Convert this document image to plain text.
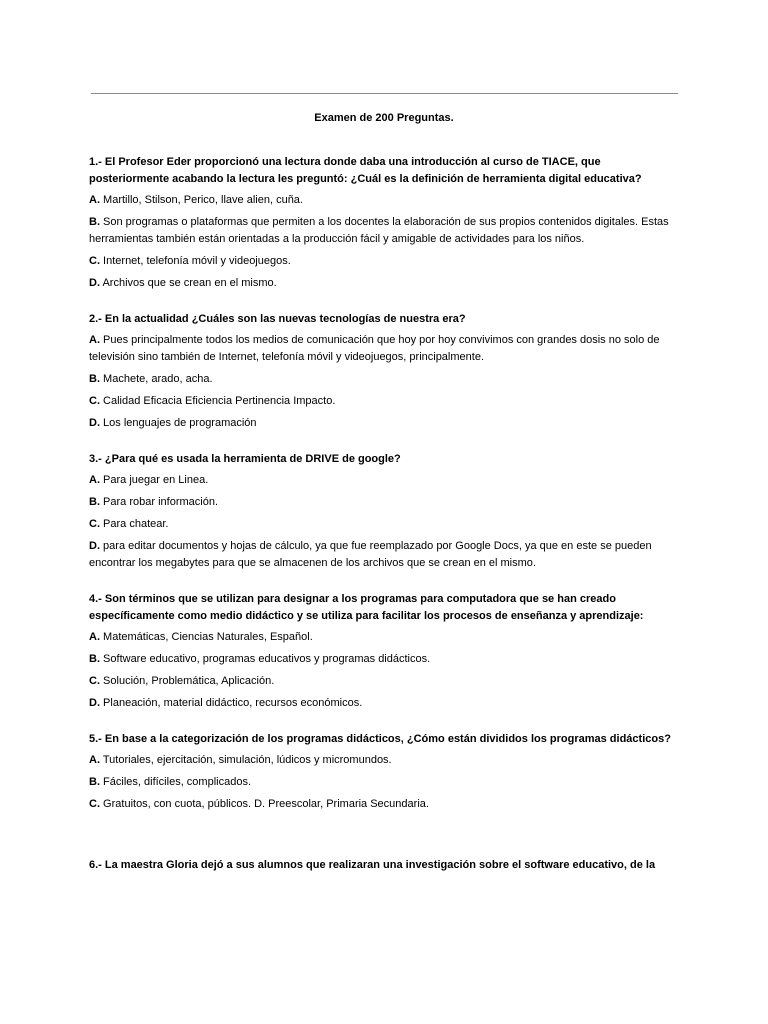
Examen de 200 Preguntas.
1.- El Profesor Eder proporcionó una lectura donde daba una introducción al curso de TIACE, que posteriormente acabando la lectura les preguntó: ¿Cuál es la definición de herramienta digital educativa?
A. Martillo, Stilson, Perico, llave alien, cuña.
B. Son programas o plataformas que permiten a los docentes la elaboración de sus propios contenidos digitales. Estas herramientas también están orientadas a la producción fácil y amigable de actividades para los niños.
C. Internet, telefonía móvil y videojuegos.
D. Archivos que se crean en el mismo.
2.- En la actualidad ¿Cuáles son las nuevas tecnologías de nuestra era?
A. Pues principalmente todos los medios de comunicación que hoy por hoy convivimos con grandes dosis no solo de televisión sino también de Internet, telefonía móvil y videojuegos, principalmente.
B. Machete, arado, acha.
C. Calidad Eficacia Eficiencia Pertinencia Impacto.
D. Los lenguajes de programación
3.- ¿Para qué es usada la herramienta de DRIVE de google?
A. Para juegar en Linea.
B. Para robar información.
C. Para chatear.
D. para editar documentos y hojas de cálculo, ya que fue reemplazado por Google Docs, ya que en este se pueden encontrar los megabytes para que se almacenen de los archivos que se crean en el mismo.
4.- Son términos que se utilizan para designar a los programas para computadora que se han creado específicamente como medio didáctico y se utiliza para facilitar los procesos de enseñanza y aprendizaje:
A. Matemáticas, Ciencias Naturales, Español.
B. Software educativo, programas educativos y programas didácticos.
C. Solución, Problemática, Aplicación.
D. Planeación, material didáctico, recursos económicos.
5.- En base a la categorización de los programas didácticos, ¿Cómo están divididos los programas didácticos?
A. Tutoriales, ejercitación, simulación, lúdicos y micromundos.
B. Fáciles, difíciles, complicados.
C. Gratuitos, con cuota, públicos. D. Preescolar, Primaria Secundaria.
6.- La maestra Gloria dejó a sus alumnos que realizaran una investigación sobre el software educativo, de la
